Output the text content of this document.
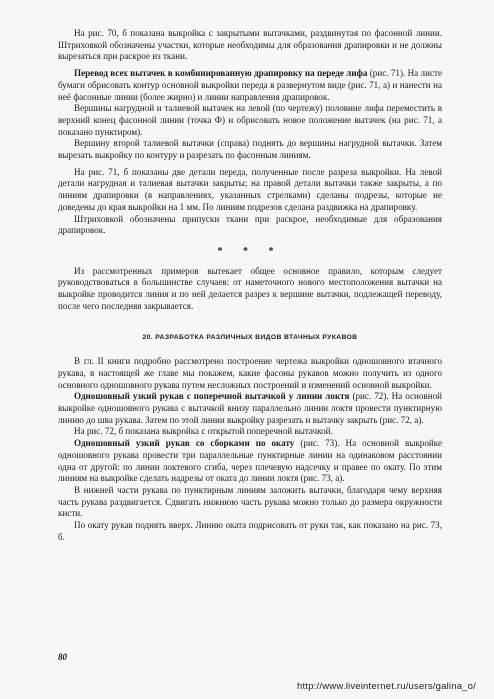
На рис. 70, б показана выкройка с закрытыми вытачками, раздвинутая по фасонной линии. Штриховкой обозначены участки, которые необходимы для образования драпировки и не должны вырезаться при раскрое из ткани.

Перевод всех вытачек в комбинированную драпировку на переде лифа (рис. 71). На листе бумаги обрисовать контур основной выкройки переда в развернутом виде (рис. 71, а) и нанести на неё фасонные линии (более жирно) и линии направления драпировок.

Вершины нагрудной и талиевой вытачек на левой (по чертежу) половине лифа переместить в верхний конец фасонной линии (точка Ф) и обрисовать новое положение вытачек (на рис. 71, а показано пунктиром).

Вершину второй талиевой вытачки (справа) поднять до вершины нагрудной вытачки. Затем вырезать выкройку по контуру и разрезать по фасонным линиям.

На рис. 71, б показаны две детали переда, полученные после разреза выкройки. На левой детали нагрудная и талиевая вытачки закрыты; на правой детали вытачки также закрыты, а по линиям драпировки (в направлениях, указанных стрелками) сделаны подрезы, которые не доведены до края выкройки на 1 мм. По линиям подрезов сделана раздвижка на драпировку.

Штриховкой обозначены припуски ткани при раскрое, необходимые для образования драпировок.

* * *

Из рассмотренных примеров вытекает общее основное правило, которым следует руководствоваться в большинстве случаев: от наметочного нового местоположения вытачки на выкройке проводится линия и по ней делается разрез к вершине вытачки, подлежащей переводу, после чего последняя закрывается.

20. РАЗРАБОТКА РАЗЛИЧНЫХ ВИДОВ ВТАЧНЫХ РУКАВОВ

В гл. II книги подробно рассмотрено построение чертежа выкройки одношовного втачного рукава, в настоящей же главе мы покажем, какие фасоны рукавов можно получить из одного основного одношовного рукава путем несложных построений и изменений основной выкройки.

Одношовный узкий рукав с поперечной вытачкой у линии локтя (рис. 72). На основной выкройке одношовного рукава с вытачкой внизу параллельно линии локтя провести пунктирную линию до шва рукава. Затем по этой линии выкройку разрезать и вытачку закрыть (рис. 72, а).

На рис. 72, б показана выкройка с открытой поперечной вытачкой.

Одношовный узкий рукав со сборками по окату (рис. 73). На основной выкройке одношовного рукава провести три параллельные пунктирные линии на одинаковом расстоянии одна от другой: по линии локтевого сгиба, через плечевую надсечку и правее по окату. По этим линиям на выкройке сделать надрезы от оката до линии локтя (рис. 73, а).

В нижней части рукава по пунктирным линиям заложить вытачки, благодаря чему верхняя часть рукава раздвигается. Сдвигать нижнюю часть рукава можно только до размера окружности кисти.

По окату рукав поднять вверх. Линию оката подрисовать от руки так, как показано на рис. 73, б.

80
http://www.liveinternet.ru/users/galina_o/
